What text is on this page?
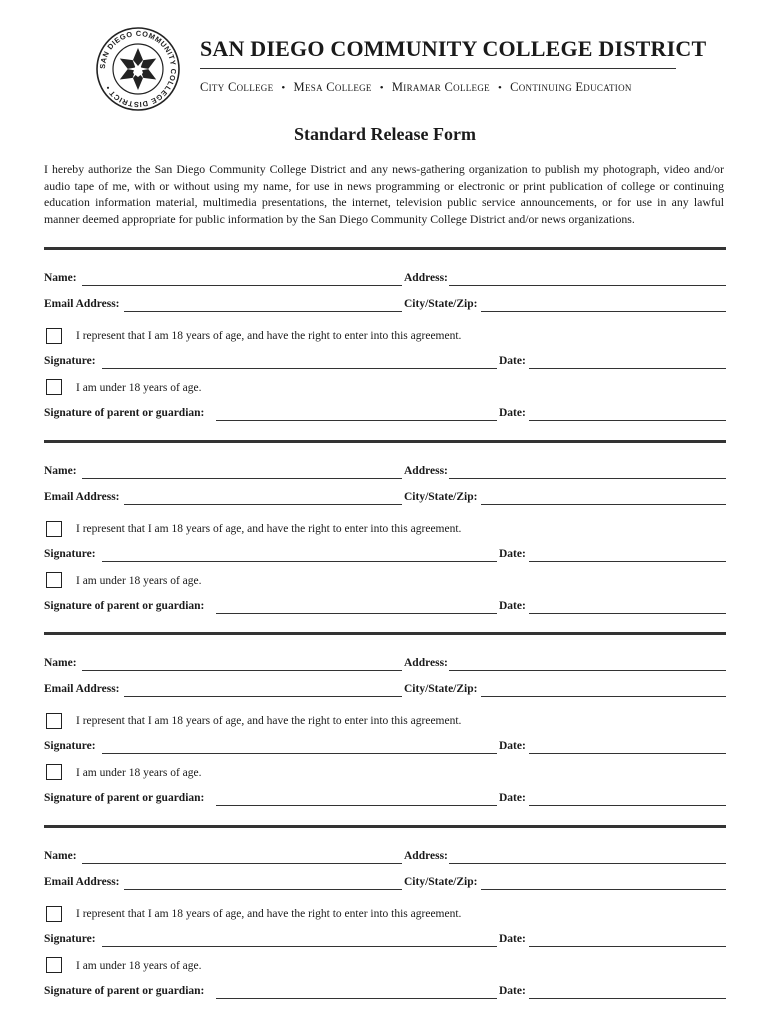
SAN DIEGO COMMUNITY COLLEGE DISTRICT •
SAN DIEGO COMMUNITY COLLEGE DISTRICT
City College • Mesa College • Miramar College • Continuing Education
Standard Release Form
I hereby authorize the San Diego Community College District and any news-gathering organization to publish my photograph, video and/or audio tape of me, with or without using my name, for use in news programming or electronic or print publication of college or continuing education information material, multimedia presentations, the internet, television public service announcements, or for use in any lawful manner deemed appropriate for public information by the San Diego Community College District and/or news organizations.
Name:	Address:
Email Address:	City/State/Zip:
I represent that I am 18 years of age, and have the right to enter into this agreement.
Signature:	Date:
I am under 18 years of age.
Signature of parent or guardian:	Date:
Name:	Address:
Email Address:	City/State/Zip:
I represent that I am 18 years of age, and have the right to enter into this agreement.
Signature:	Date:
I am under 18 years of age.
Signature of parent or guardian:	Date:
Name:	Address:
Email Address:	City/State/Zip:
I represent that I am 18 years of age, and have the right to enter into this agreement.
Signature:	Date:
I am under 18 years of age.
Signature of parent or guardian:	Date:
Name:	Address:
Email Address:	City/State/Zip:
I represent that I am 18 years of age, and have the right to enter into this agreement.
Signature:	Date:
I am under 18 years of age.
Signature of parent or guardian:	Date:
